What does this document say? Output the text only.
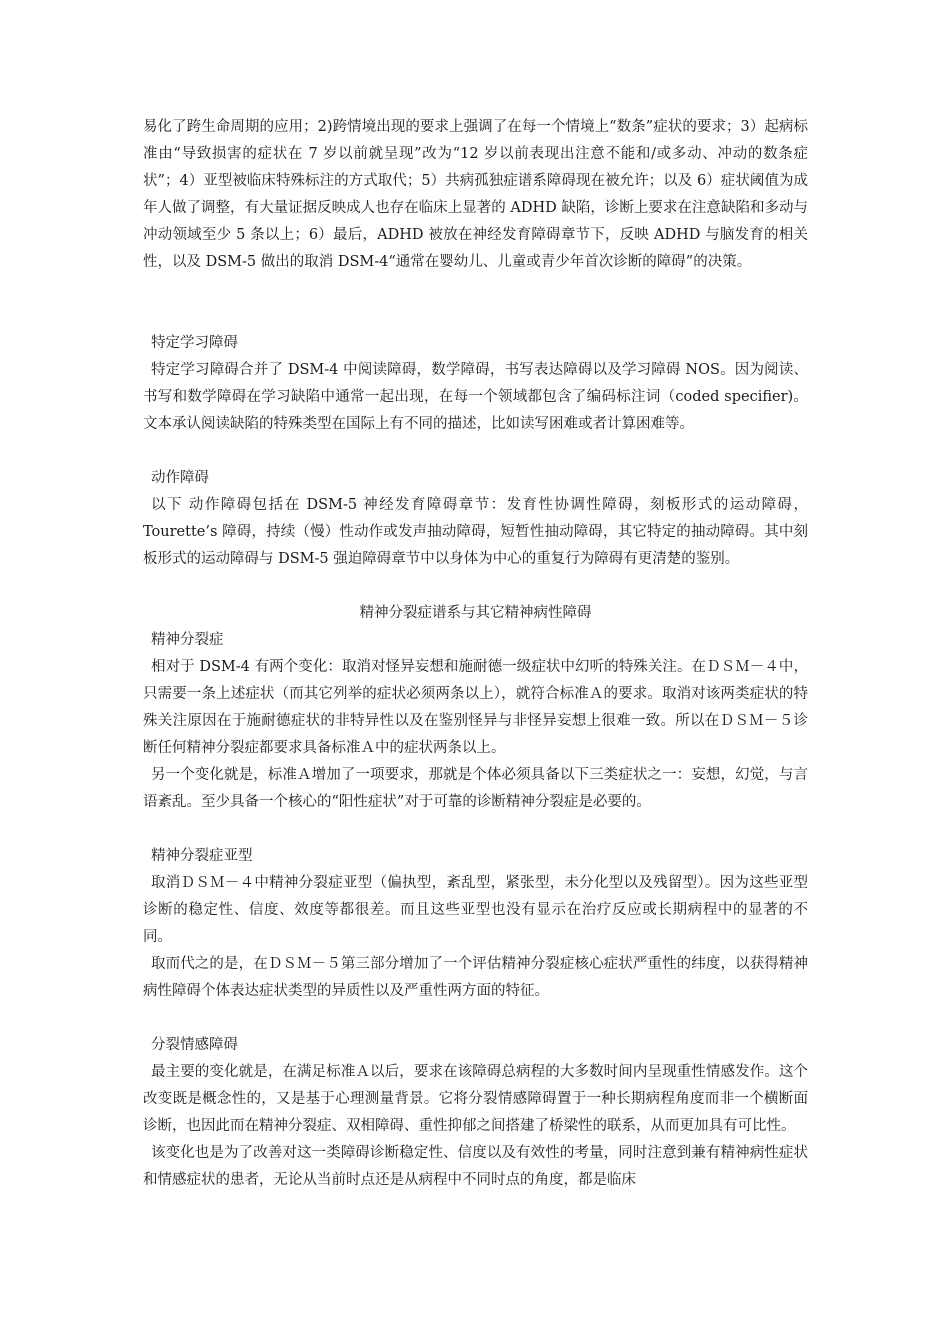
易化了跨生命周期的应用；2)跨情境出现的要求上强调了在每一个情境上“数条”症状的要求；3）起病标准由“导致损害的症状在 7 岁以前就呈现”改为“12 岁以前表现出注意不能和/或多动、冲动的数条症状”；4）亚型被临床特殊标注的方式取代；5）共病孤独症谱系障碍现在被允许；以及 6）症状阈值为成年人做了调整，有大量证据反映成人也存在临床上显著的 ADHD 缺陷，诊断上要求在注意缺陷和多动与冲动领域至少 5 条以上；6）最后，ADHD 被放在神经发育障碍章节下，反映 ADHD 与脑发育的相关性，以及 DSM-5 做出的取消 DSM-4“通常在婴幼儿、儿童或青少年首次诊断的障碍”的决策。

特定学习障碍

特定学习障碍合并了 DSM-4 中阅读障碍，数学障碍，书写表达障碍以及学习障碍 NOS。因为阅读、书写和数学障碍在学习缺陷中通常一起出现，在每一个领域都包含了编码标注词（coded specifier)。文本承认阅读缺陷的特殊类型在国际上有不同的描述，比如读写困难或者计算困难等。

动作障碍

以下 动作障碍包括在 DSM-5 神经发育障碍章节：发育性协调性障碍，刻板形式的运动障碍，Tourette’s 障碍，持续（慢）性动作或发声抽动障碍，短暂性抽动障碍，其它特定的抽动障碍。其中刻板形式的运动障碍与 DSM-5 强迫障碍章节中以身体为中心的重复行为障碍有更清楚的鉴别。

精神分裂症谱系与其它精神病性障碍

精神分裂症

相对于 DSM-4 有两个变化：取消对怪异妄想和施耐德一级症状中幻听的特殊关注。在ＤＳＭ－４中，只需要一条上述症状（而其它列举的症状必须两条以上），就符合标准Ａ的要求。取消对该两类症状的特殊关注原因在于施耐德症状的非特异性以及在鉴别怪异与非怪异妄想上很难一致。所以在ＤＳＭ－５诊断任何精神分裂症都要求具备标准Ａ中的症状两条以上。

另一个变化就是，标准Ａ增加了一项要求，那就是个体必须具备以下三类症状之一：妄想，幻觉，与言语紊乱。至少具备一个核心的“阳性症状”对于可靠的诊断精神分裂症是必要的。

精神分裂症亚型

取消ＤＳＭ－４中精神分裂症亚型（偏执型，紊乱型，紧张型，未分化型以及残留型）。因为这些亚型诊断的稳定性、信度、效度等都很差。而且这些亚型也没有显示在治疗反应或长期病程中的显著的不同。

取而代之的是，在ＤＳＭ－５第三部分增加了一个评估精神分裂症核心症状严重性的纬度，以获得精神病性障碍个体表达症状类型的异质性以及严重性两方面的特征。

分裂情感障碍

最主要的变化就是，在满足标准Ａ以后，要求在该障碍总病程的大多数时间内呈现重性情感发作。这个改变既是概念性的，又是基于心理测量背景。它将分裂情感障碍置于一种长期病程角度而非一个横断面诊断，也因此而在精神分裂症、双相障碍、重性抑郁之间搭建了桥梁性的联系，从而更加具有可比性。

该变化也是为了改善对这一类障碍诊断稳定性、信度以及有效性的考量，同时注意到兼有精神病性症状和情感症状的患者，无论从当前时点还是从病程中不同时点的角度，都是临床
